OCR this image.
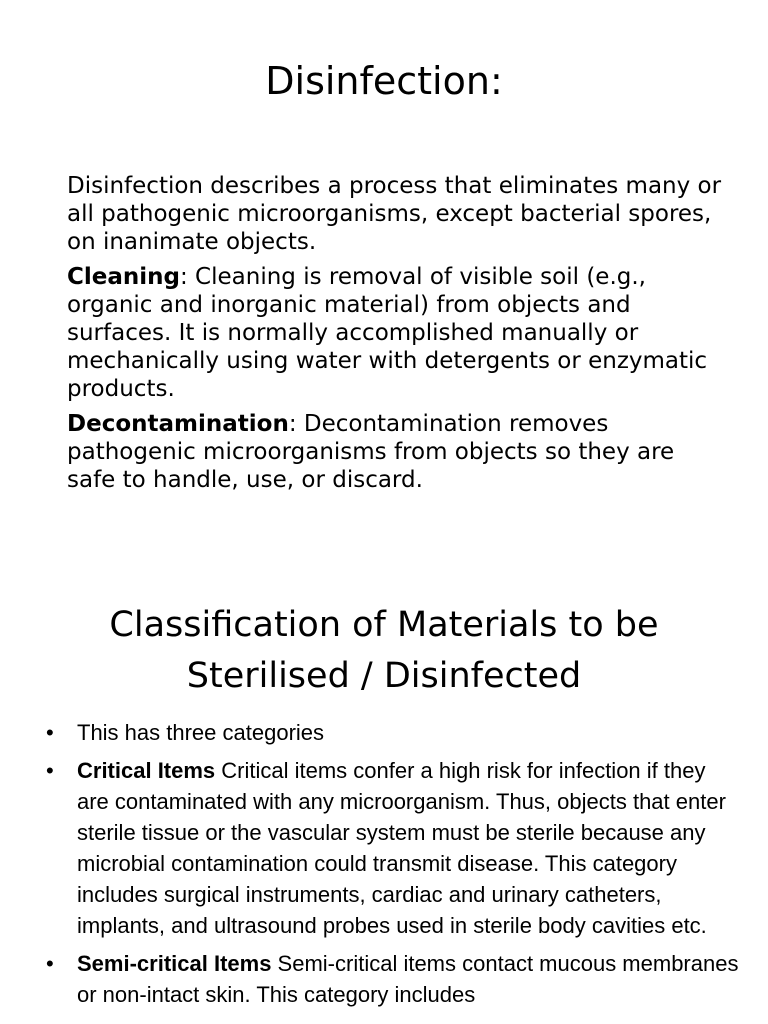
Disinfection:

Disinfection describes a process that eliminates many or all pathogenic microorganisms, except bacterial spores, on inanimate objects.

Cleaning: Cleaning is removal of visible soil (e.g., organic and inorganic material) from objects and surfaces. It is normally accomplished manually or mechanically using water with detergents or enzymatic products.

Decontamination: Decontamination removes pathogenic microorganisms from objects so they are safe to handle, use, or discard.

Classification of Materials to be
Sterilised / Disinfected
• This has three categories
• Critical Items Critical items confer a high risk for infection if they are contaminated with any microorganism. Thus, objects that enter sterile tissue or the vascular system must be sterile because any microbial contamination could transmit disease. This category includes surgical instruments, cardiac and urinary catheters, implants, and ultrasound probes used in sterile body cavities etc.
• Semi-critical Items Semi-critical items contact mucous membranes or non-intact skin. This category includes
